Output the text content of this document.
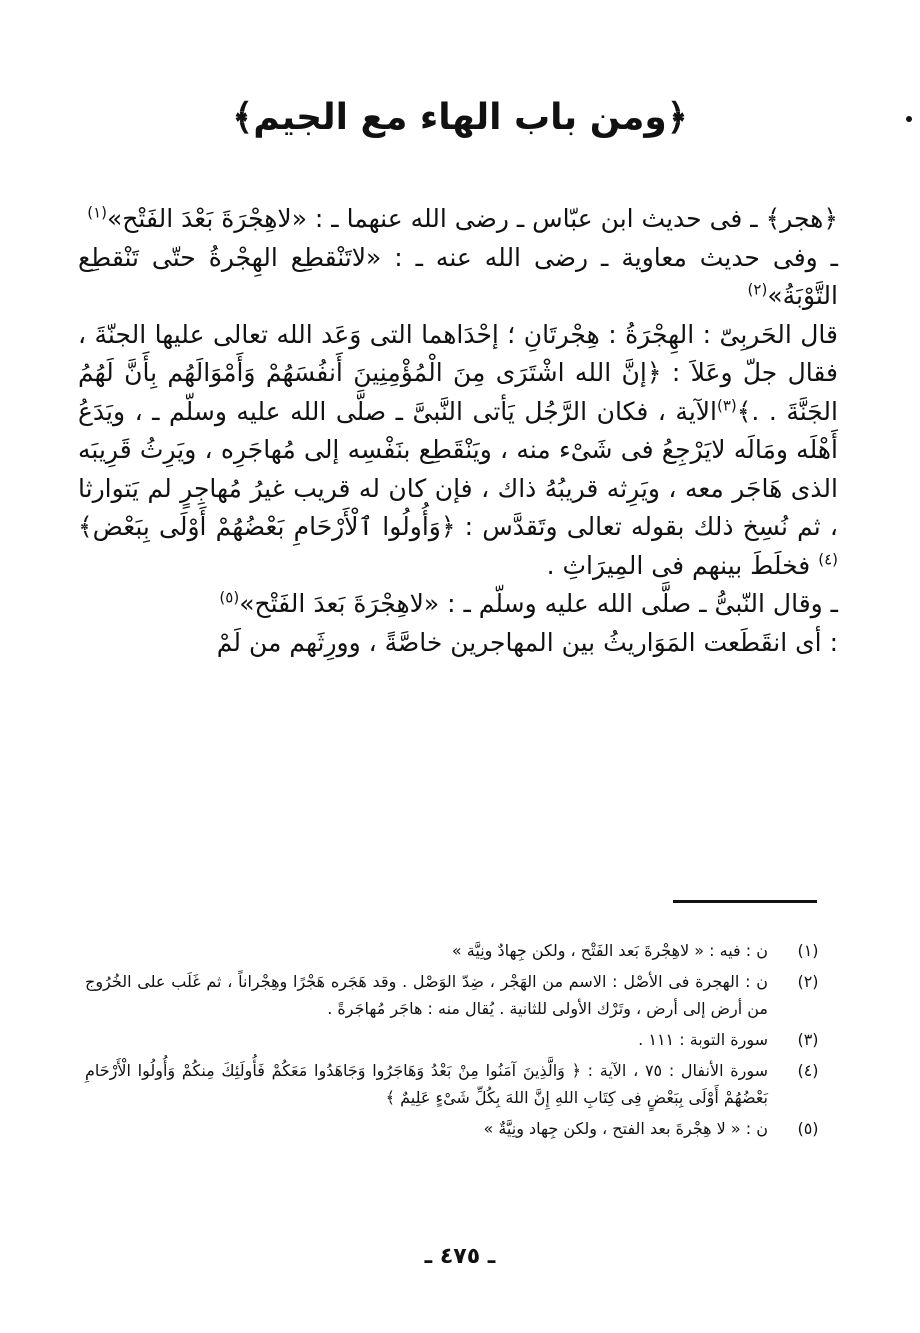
﴿ومن باب الهاء مع الجيم﴾

﴿هجر﴾ ـ فى حديث ابن عبّاس ـ رضى الله عنهما ـ : «لاهِجْرَةَ بَعْدَ الفَتْح»$^{(١)}$

ـ وفى حديث معاوية ـ رضى الله عنه ـ : «لاتَنْقطِع الهِجْرةُ حتّى تَنْقطِع التَّوْبَةُ»$^{(٢)}$

قال الحَربِىّ : الهِجْرَةُ : هِجْرتَانِ ؛ إحْدَاهما التى وَعَد الله تعالى عليها الجنّةَ ، فقال جلّ وعَلاَ : ﴿إنَّ الله اشْتَرَى مِنَ الْمُؤْمِنِينَ أَنفُسَهُمْ وَأَمْوَالَهُم بِأَنَّ لَهُمُ الجَنَّةَ . .﴾$^{(٣)}$الآية ، فكان الرَّجُل يَأتى النَّبىَّ ـ صلَّى الله عليه وسلّم ـ ، ويَدَعُ أَهْلَه ومَالَه لايَرْجِعُ فى شَىْء منه ، ويَنْقَطِع بنَفْسِه إلى مُهاجَرِه ، ويَرِثُ قَرِيبَه الذى هَاجَر معه ، ويَرِثه قريبُهُ ذاك ، فإن كان له قريب غيرُ مُهاجِرٍ لم يَتوارثا ، ثم نُسِخ ذلك بقوله تعالى وتَقدَّس : ﴿وَأُولُوا ٱلْأَرْحَامِ بَعْضُهُمْ أَوْلَى بِبَعْض﴾$^{(٤)}$ فخلَطَ بينهم فى المِيرَاثِ .

ـ وقال النّبىُّ ـ صلَّى الله عليه وسلّم ـ : «لاهِجْرَةَ بَعدَ الفَتْح»$^{(٥)}$

: أى انقَطَعت المَوَاريثُ بين المهاجرين خاصَّةً ، وورِثَهم من لَمْ

(١)
ن : فيه : « لاهِجْرةَ بَعد الفَتْح ، ولكن جِهادٌ ونِيَّة »
(٢)
ن : الهجرة فى الأصْل : الاسم من الهَجْر ، ضِدّ الوَصْل . وقد هَجَره هَجْرًا وهِجْراناً ، ثم غَلَب على الخُرُوج من أرض إلى أرض ، وتَرْك الأولى للثانية . يُقال منه : هاجَر مُهاجَرةً .
(٣)
سورة التوبة : ١١١ .
(٤)
سورة الأنفال : ٧٥ ، الآية : ﴿ وَالَّذِينَ آمَنُوا مِنْ بَعْدُ وَهَاجَرُوا وَجَاهَدُوا مَعَكُمْ فَأُولَئِكَ مِنكُمْ وَأُولُوا الْأَرْحَامِ بَعْضُهُمْ أَوْلَى بِبَعْضٍ فِى كِتَابِ اللهِ إِنَّ اللهَ بِكُلِّ شَىْءٍ عَلِيمٌ ﴾
(٥)
ن : « لا هِجْرةَ بعد الفتح ، ولكن جِهاد ونِيَّةٌ »
ـ ٤٧٥ ـ
